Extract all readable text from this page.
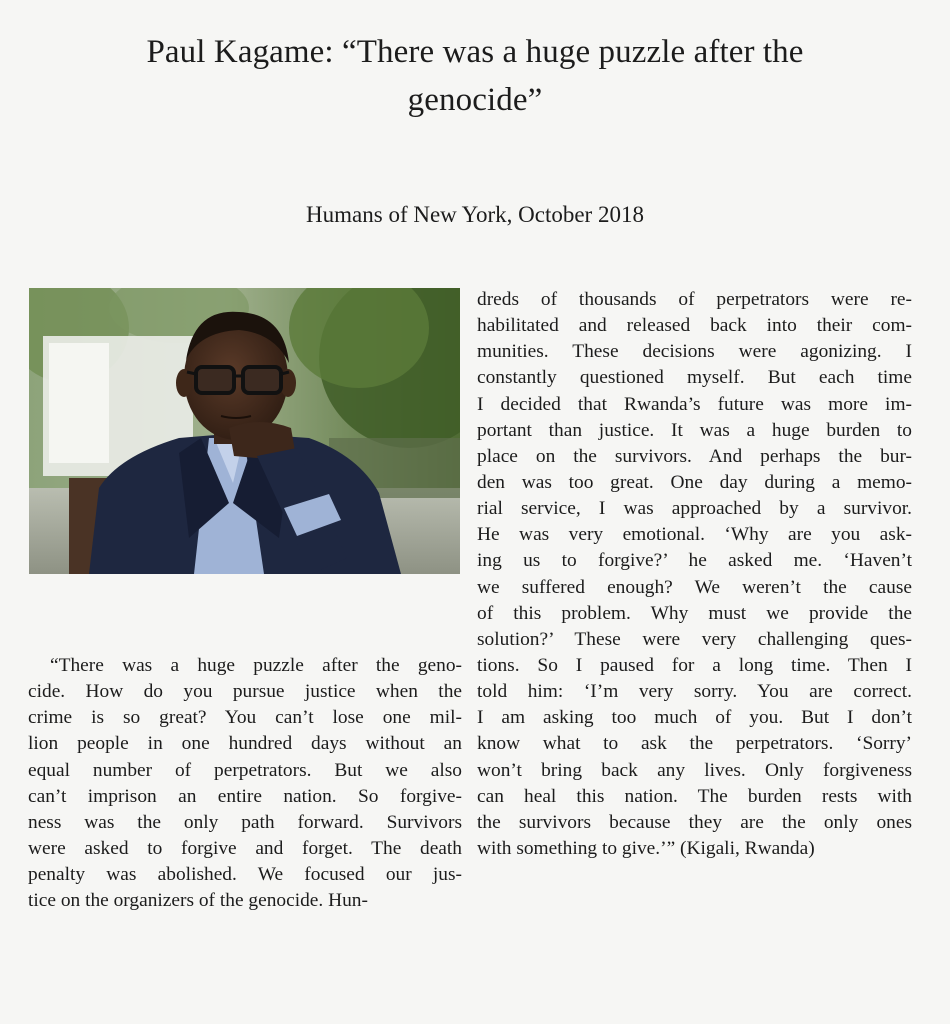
Paul Kagame: “There was a huge puzzle after the
genocide”
Humans of New York, October 2018
“There was a huge puzzle after the geno-
cide. How do you pursue justice when the
crime is so great? You can’t lose one mil-
lion people in one hundred days without an
equal number of perpetrators. But we also
can’t imprison an entire nation. So forgive-
ness was the only path forward. Survivors
were asked to forgive and forget. The death
penalty was abolished. We focused our jus-
tice on the organizers of the genocide. Hun-
dreds of thousands of perpetrators were re-
habilitated and released back into their com-
munities. These decisions were agonizing. I
constantly questioned myself. But each time
I decided that Rwanda’s future was more im-
portant than justice. It was a huge burden to
place on the survivors. And perhaps the bur-
den was too great. One day during a memo-
rial service, I was approached by a survivor.
He was very emotional. ‘Why are you ask-
ing us to forgive?’ he asked me. ‘Haven’t
we suffered enough? We weren’t the cause
of this problem. Why must we provide the
solution?’ These were very challenging ques-
tions. So I paused for a long time. Then I
told him: ‘I’m very sorry. You are correct.
I am asking too much of you. But I don’t
know what to ask the perpetrators. ‘Sorry’
won’t bring back any lives. Only forgiveness
can heal this nation. The burden rests with
the survivors because they are the only ones
with something to give.’” (Kigali, Rwanda)
